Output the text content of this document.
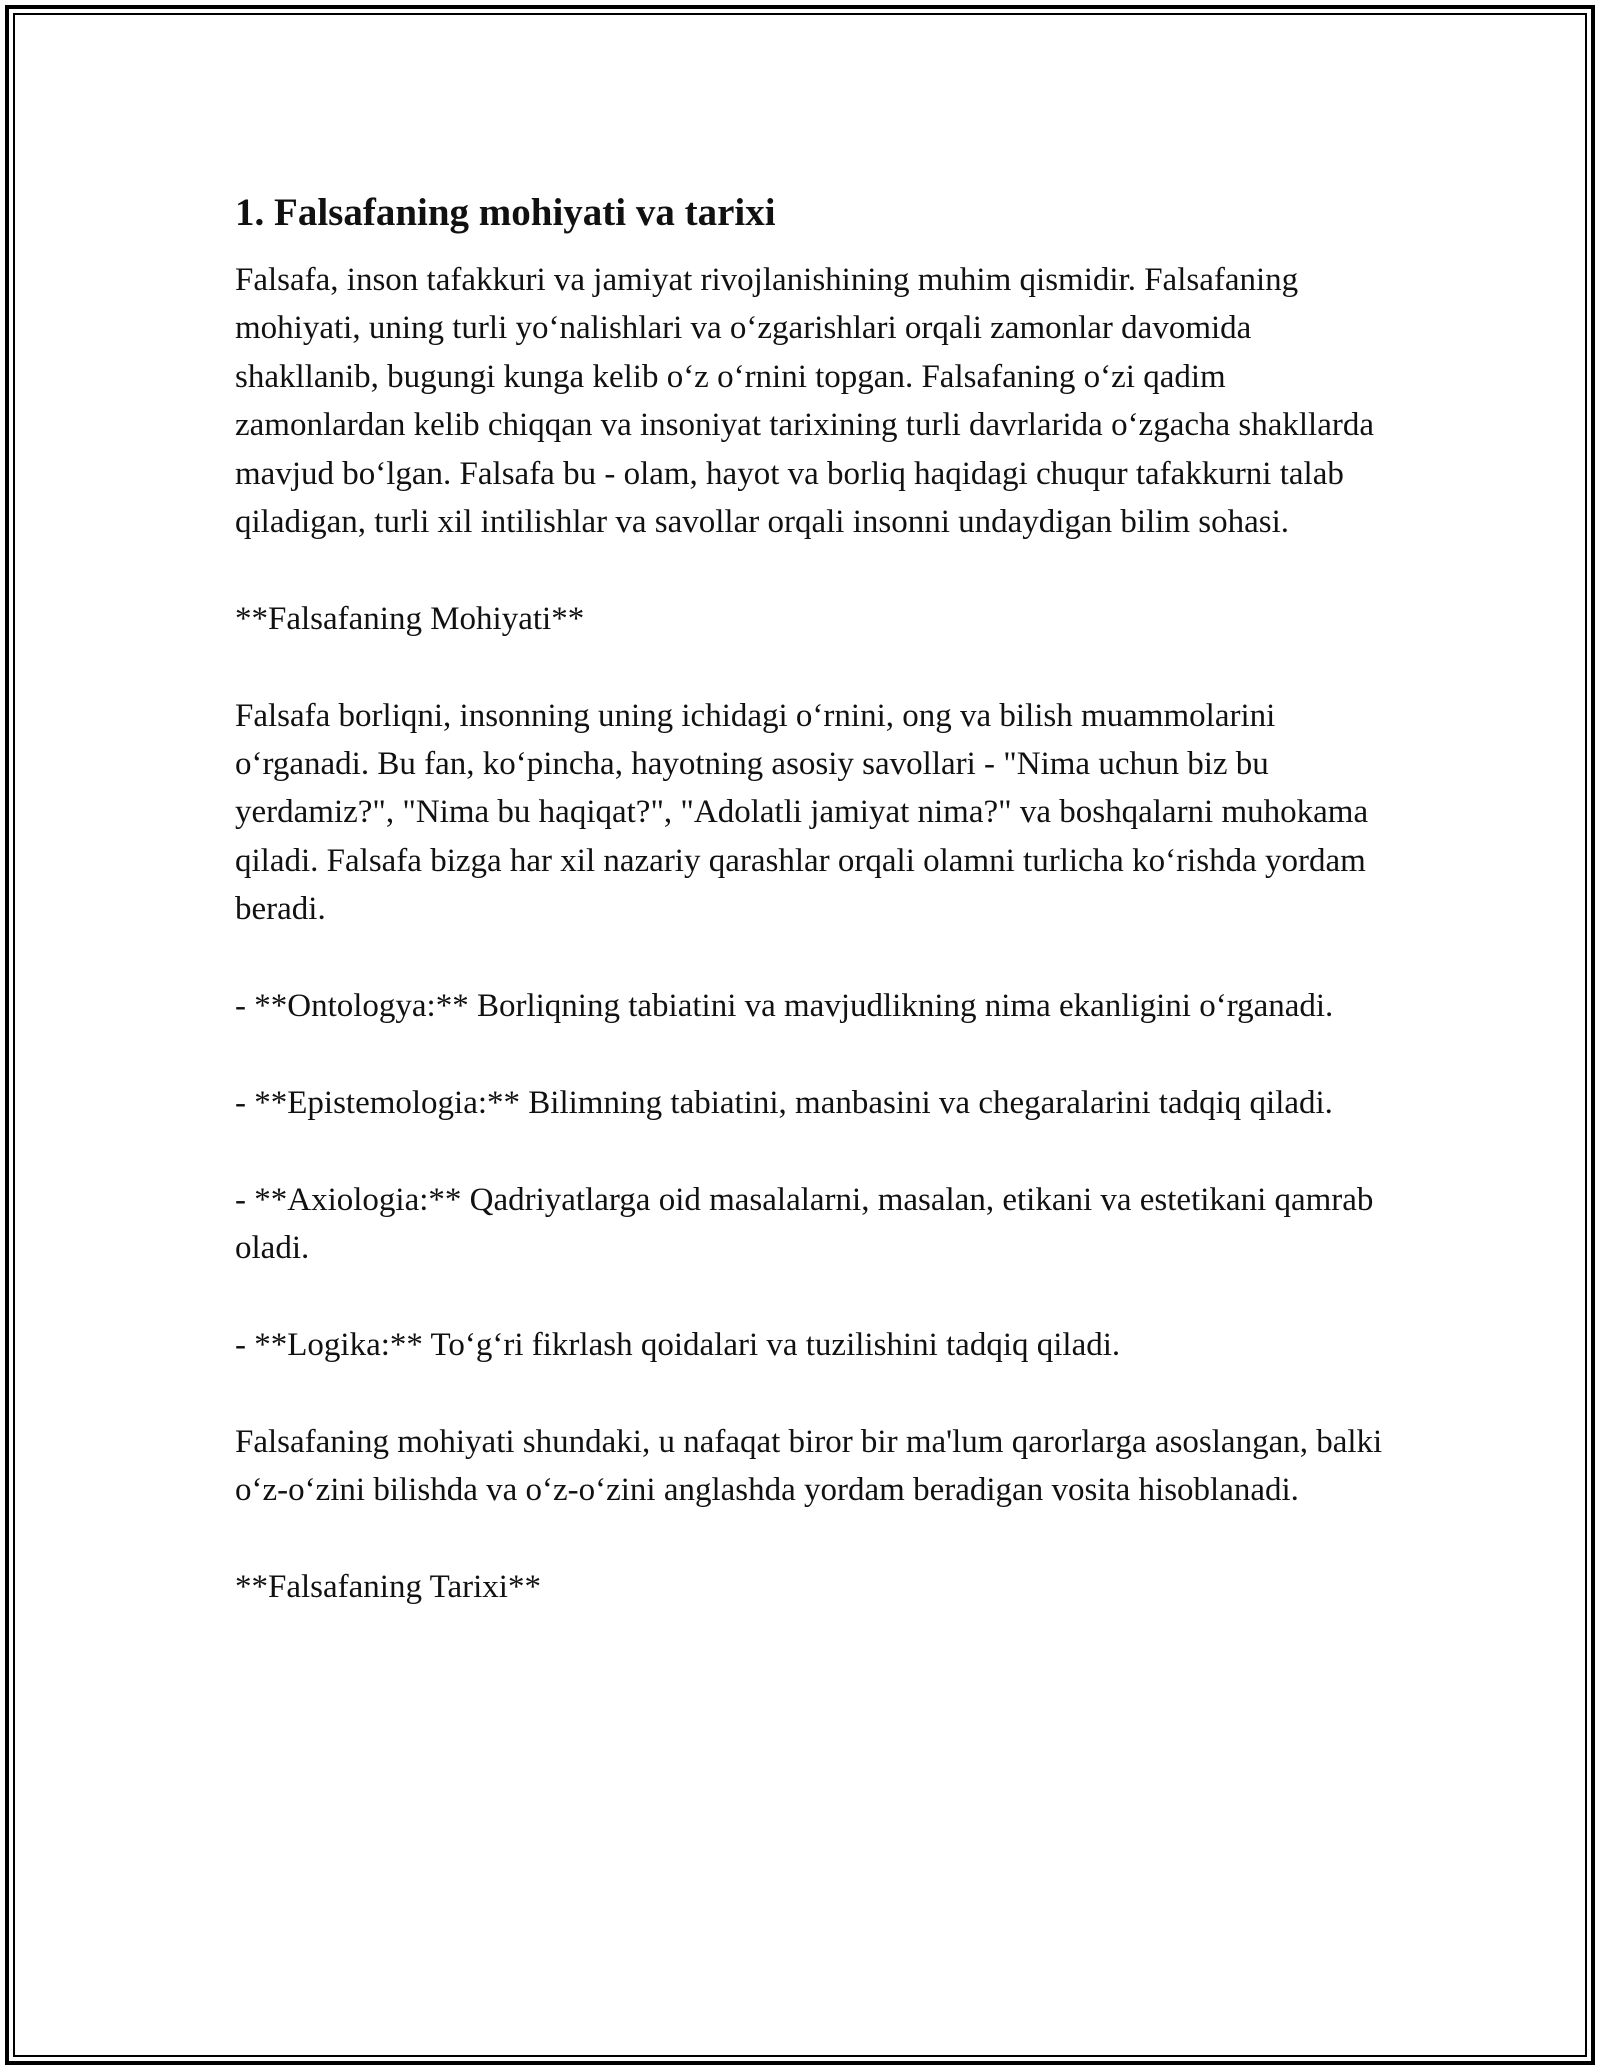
1. Falsafaning mohiyati va tarixi

Falsafa, inson tafakkuri va jamiyat rivojlanishining muhim qismidir. Falsafaning mohiyati, uning turli yoʻnalishlari va oʻzgarishlari orqali zamonlar davomida shakllanib, bugungi kunga kelib oʻz oʻrnini topgan. Falsafaning oʻzi qadim zamonlardan kelib chiqqan va insoniyat tarixining turli davrlarida oʻzgacha shakllarda mavjud boʻlgan. Falsafa bu - olam, hayot va borliq haqidagi chuqur tafakkurni talab qiladigan, turli xil intilishlar va savollar orqali insonni undaydigan bilim sohasi.

**Falsafaning Mohiyati**

Falsafa borliqni, insonning uning ichidagi oʻrnini, ong va bilish muammolarini oʻrganadi. Bu fan, koʻpincha, hayotning asosiy savollari - "Nima uchun biz bu yerdamiz?", "Nima bu haqiqat?", "Adolatli jamiyat nima?" va boshqalarni muhokama qiladi. Falsafa bizga har xil nazariy qarashlar orqali olamni turlicha koʻrishda yordam beradi.

- **Ontologya:** Borliqning tabiatini va mavjudlikning nima ekanligini oʻrganadi.

- **Epistemologia:** Bilimning tabiatini, manbasini va chegaralarini tadqiq qiladi.

- **Axiologia:** Qadriyatlarga oid masalalarni, masalan, etikani va estetikani qamrab oladi.

- **Logika:** Toʻgʻri fikrlash qoidalari va tuzilishini tadqiq qiladi.

Falsafaning mohiyati shundaki, u nafaqat biror bir ma'lum qarorlarga asoslangan, balki oʻz-oʻzini bilishda va oʻz-oʻzini anglashda yordam beradigan vosita hisoblanadi.

**Falsafaning Tarixi**
